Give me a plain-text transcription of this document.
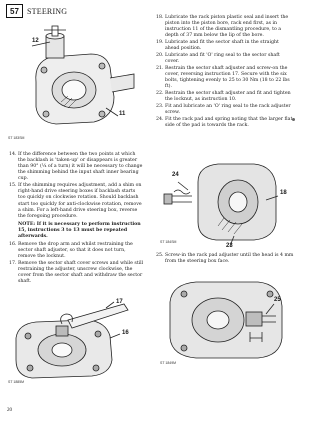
57	STEERING
12
11
ST 183SM
14. If the difference between the two points at which the backlash is 'taken-up' or disappears is greater than 90° (¼ of a turn) it will be necessary to change the shimming behind the input shaft inner bearing cup.
15. If the shimming requires adjustment, add a shim on right-hand drive steering boxes if backlash starts too quickly on clockwise rotation. Should backlash start too quickly for anti-clockwise rotation, remove a shim. For a left-hand drive steering box, reverse the foregoing procedure.
NOTE: If it is necessary to perform instruction 15, instructions 3 to 13 must be repeated afterwards.
16. Remove the drop arm and whilst restraining the sector shaft adjuster, so that it does not turn, remove the locknut.
17. Remove the sector shaft cover screws and while still restraining the adjuster, unscrew clockwise, the cover from the sector shaft and withdraw the sector shaft.
17
16
ST 1885M
18. Lubricate the rack piston plastic seal and insert the piston into the piston bore, rack end first, as in instruction 11 of the dismantling procedure, to a depth of 37 mm below the lip of the bore.
19. Lubricate and fit the sector shaft in the straight ahead position.
20. Lubricate and fit 'O' ring seal to the sector shaft cover.
21. Restrain the sector shaft adjuster and screw-on the cover, reversing instruction 17. Secure with the six bolts, tightening evenly to 25 to 30 Nm (18 to 22 lbs ft).
22. Restrain the sector shaft adjuster and fit and tighten the locknut, as instruction 10.
23. Fit and lubricate an 'O' ring seal to the rack adjuster screw.
24. Fit the rack pad and spring noting that the larger flat side of the pad is towards the rack.
24
18
23
ST 184SM
25. Screw-in the rack pad adjuster until the head is 4 mm from the steering box face.
25
ST 1849M
20
